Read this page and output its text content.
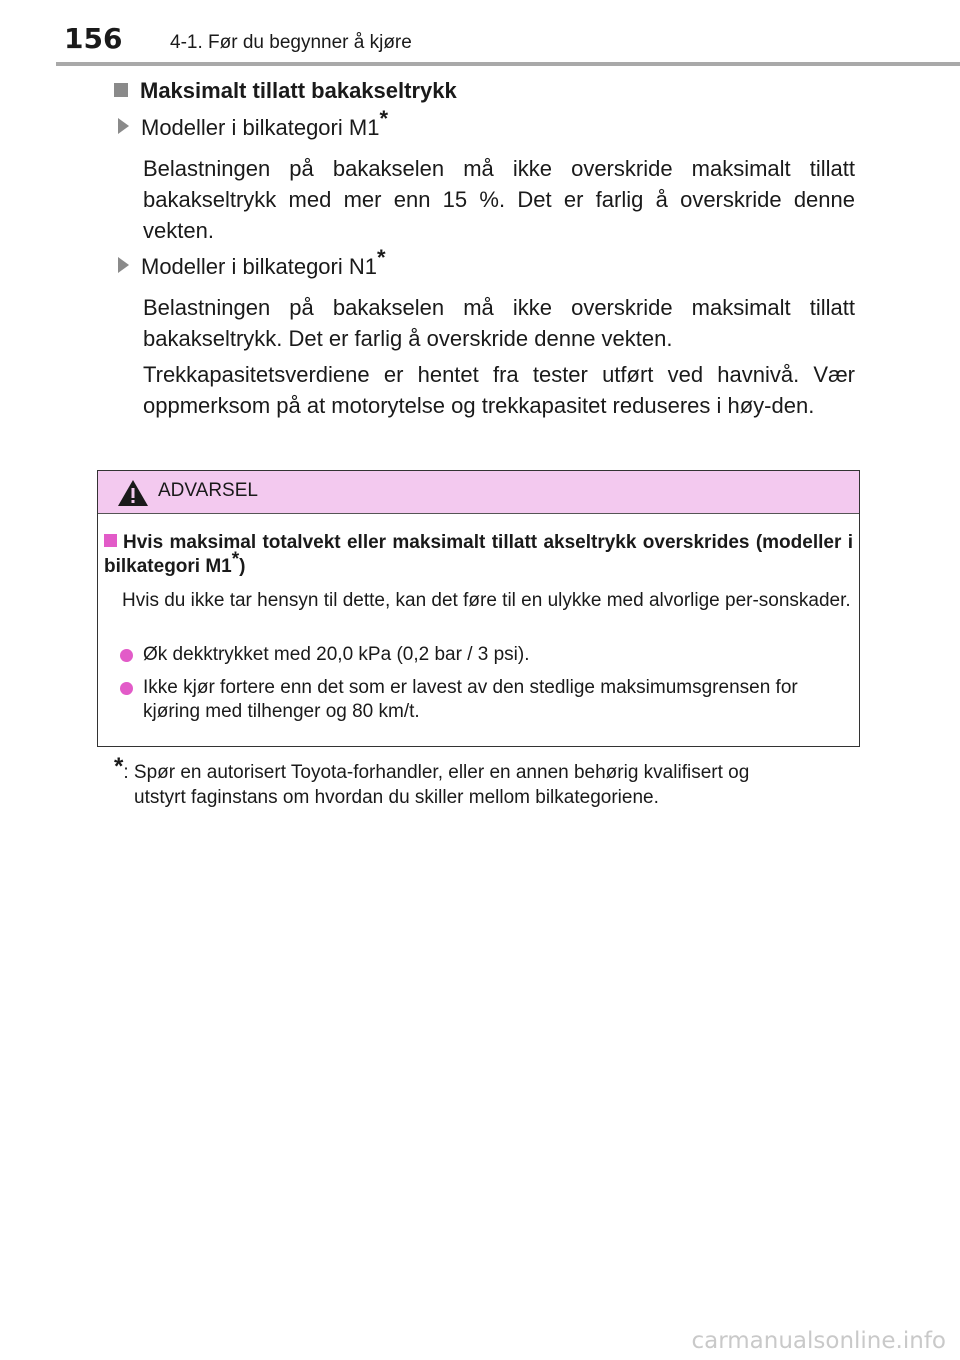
156	4-1. Før du begynner å kjøre
Maksimalt tillatt bakakseltrykk
Modeller i bilkategori M1*

Belastningen på bakakselen må ikke overskride maksimalt tillatt bakakseltrykk med mer enn 15 %. Det er farlig å overskride denne vekten.

Modeller i bilkategori N1*

Belastningen på bakakselen må ikke overskride maksimalt tillatt bakakseltrykk. Det er farlig å overskride denne vekten.

Trekkapasitetsverdiene er hentet fra tester utført ved havnivå. Vær oppmerksom på at motorytelse og trekkapasitet reduseres i høy-den.

ADVARSEL

Hvis maksimal totalvekt eller maksimalt tillatt akseltrykk overskrides (modeller i bilkategori M1*)

Hvis du ikke tar hensyn til dette, kan det føre til en ulykke med alvorlige per-sonskader.

Øk dekktrykket med 20,0 kPa (0,2 bar / 3 psi).
Ikke kjør fortere enn det som er lavest av den stedlige maksimumsgrensen for kjøring med tilhenger og 80 km/t.

*: Spør en autorisert Toyota-forhandler, eller en annen behørig kvalifisert og
utstyrt faginstans om hvordan du skiller mellom bilkategoriene.

carmanualsonline.info
